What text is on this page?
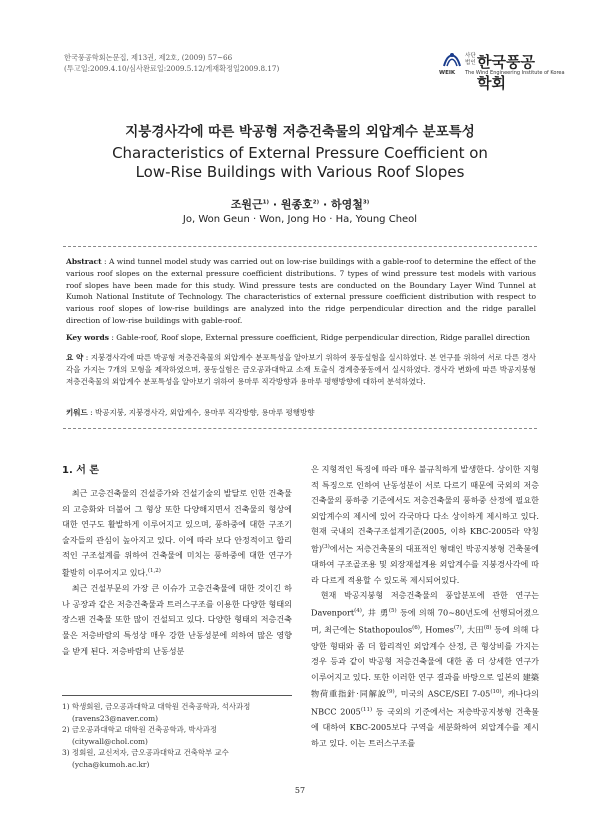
한국풍공학회논문집, 제13권, 제2호, (2009) 57~66
(투고일:2009.4.10/심사완료일:2009.5.12/게재확정일2009.8.17)	WEIK
사단
법인 한국풍공학회
The Wind Engineering Institute of Korea
지붕경사각에 따른 박공형 저층건축물의 외압계수 분포특성
Characteristics of External Pressure Coefficient on
Low-Rise Buildings with Various Roof Slopes
조원근$^{1)}$ · 원종호$^{2)}$ · 하영철$^{3)}$
Jo, Won Geun · Won, Jong Ho · Ha, Young Cheol
Abstract : A wind tunnel model study was carried out on low-rise buildings with a gable-roof to determine the effect of the various roof slopes on the external pressure coefficient distributions. 7 types of wind pressure test models with various roof slopes have been made for this study. Wind pressure tests are conducted on the Boundary Layer Wind Tunnel at Kumoh National Institute of Technology. The characteristics of external pressure coefficient distribution with respect to various roof slopes of low-rise buildings are analyzed into the ridge perpendicular direction and the ridge parallel direction of low-rise buildings with gable-roof.
Key words : Gable-roof, Roof slope, External pressure coefficient, Ridge perpendicular direction, Ridge parallel direction
요 약 : 지붕경사각에 따른 박공형 저층건축물의 외압계수 분포특성을 알아보기 위하여 풍동실험을 실시하였다. 본 연구를 위하여 서로 다른 경사각을 가지는 7개의 모형을 제작하였으며, 풍동실험은 금오공과대학교 소재 토출식 경계층풍동에서 실시하였다. 경사각 변화에 따른 박공지붕형 저층건축물의 외압계수 분포특성을 알아보기 위하여 용마루 직각방향과 용마루 평행방향에 대하여 분석하였다.
키워드 : 박공지붕, 지붕경사각, 외압계수, 용마루 직각방향, 용마루 평행방향
1. 서 론

최근 고층건축물의 건설증가와 건설기술의 발달로 인한 건축물의 고층화와 더불어 그 형상 또한 다양해지면서 건축물의 형상에 대한 연구도 활발하게 이루어지고 있으며, 풍하중에 대한 구조기술자들의 관심이 높아지고 있다. 이에 따라 보다 안정적이고 합리적인 구조설계를 위하여 건축물에 미치는 풍하중에 대한 연구가 활발히 이루어지고 있다.$^{(1,2)}$

최근 건설부문의 가장 큰 이슈가 고층건축물에 대한 것이긴 하나 공장과 같은 저층건축물과 트러스구조를 이용한 다양한 형태의 장스팬 건축물 또한 많이 건설되고 있다. 다양한 형태의 저층건축물은 저층바람의 특성상 매우 강한 난동성분에 의하여 많은 영향을 받게 된다. 저층바람의 난동성분

1) 학생회원, 금오공과대학교 대학원 건축공학과, 석사과정
(ravens23@naver.com)
2) 금오공과대학교 대학원 건축공학과, 박사과정
(citywall@chol.com)
3) 정회원, 교신저자, 금오공과대학교 건축학부 교수
(ycha@kumoh.ac.kr)

은 지형적인 특징에 따라 매우 불규칙하게 발생한다. 상이한 지형적 특징으로 인하여 난동성분이 서로 다르기 때문에 국외의 저층건축물의 풍하중 기준에서도 저층건축물의 풍하중 산정에 필요한 외압계수의 제시에 있어 각국마다 다소 상이하게 제시하고 있다. 현재 국내의 건축구조설계기준(2005, 이하 KBC-2005라 약칭함)$^{(3)}$에서는 저층건축물의 대표적인 형태인 박공지붕형 건축물에 대하여 구조골조용 및 외장재설계용 외압계수를 지붕경사각에 따라 다르게 적용할 수 있도록 제시되어있다.

현재 박공지붕형 저층건축물의 풍압분포에 관한 연구는 Davenport$^{(4)}$, 井 勇$^{(5)}$ 등에 의해 70~80년도에 선행되어졌으며, 최근에는 Stathopoulos$^{(6)}$, Homes$^{(7)}$, 大田$^{(8)}$ 등에 의해 다양한 형태와 좀 더 합리적인 외압계수 산정, 큰 형상비를 가지는 경우 등과 같이 박공형 저층건축물에 대한 좀 더 상세한 연구가 이루어지고 있다. 또한 이러한 연구 결과를 바탕으로 일본의 建築物荷重指針·同解說$^{(9)}$, 미국의 ASCE/SEI 7-05$^{(10)}$, 캐나다의 NBCC 2005$^{(11)}$ 등 국외의 기준에서는 저층박공지붕형 건축물에 대하여 KBC-2005보다 구역을 세분화하여 외압계수를 제시하고 있다. 이는 트러스구조를

57
